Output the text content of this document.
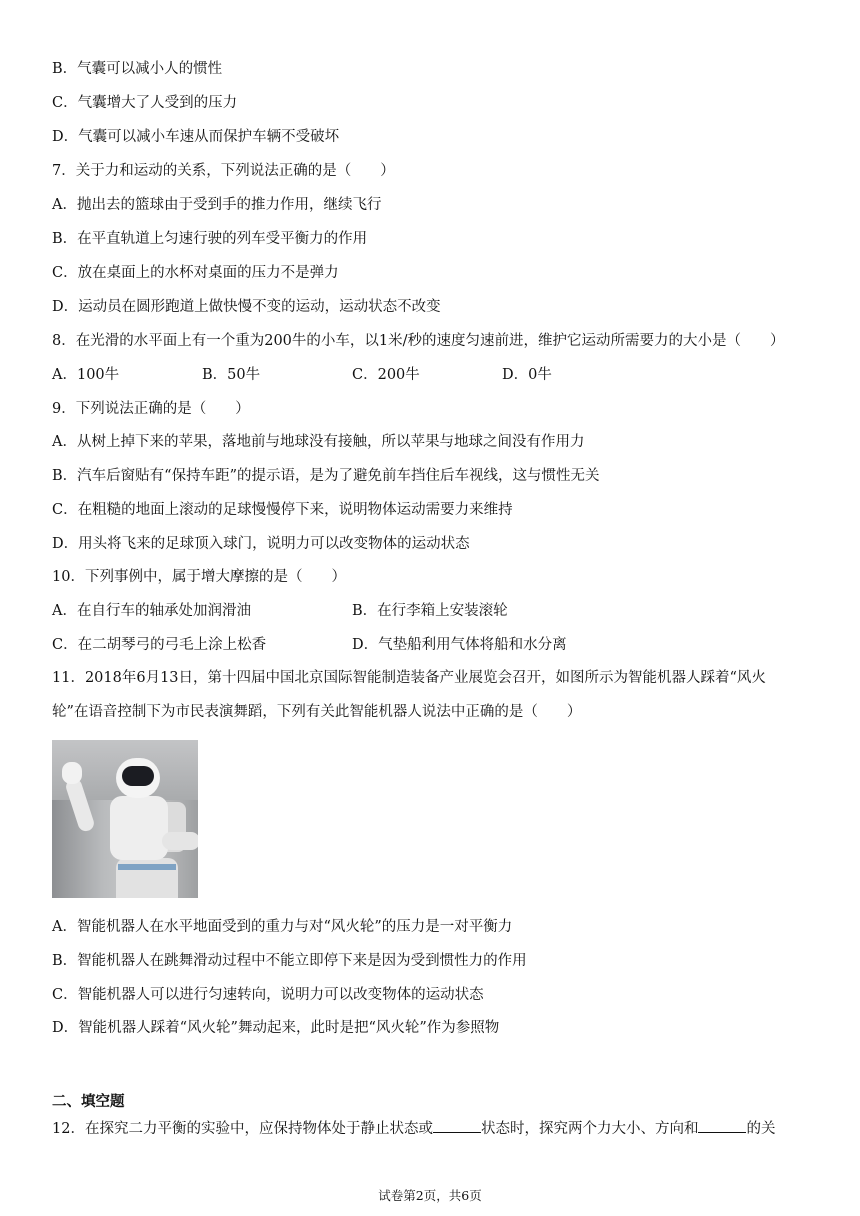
B．气囊可以减小人的惯性
C．气囊增大了人受到的压力
D．气囊可以减小车速从而保护车辆不受破坏
7．关于力和运动的关系，下列说法正确的是（　　）
A．抛出去的篮球由于受到手的推力作用，继续飞行
B．在平直轨道上匀速行驶的列车受平衡力的作用
C．放在桌面上的水杯对桌面的压力不是弹力
D．运动员在圆形跑道上做快慢不变的运动，运动状态不改变
8．在光滑的水平面上有一个重为200牛的小车，以1米/秒的速度匀速前进，维护它运动所需要力的大小是（　　）
A．100牛	B．50牛	C．200牛	D．0牛
9．下列说法正确的是（　　）
A．从树上掉下来的苹果，落地前与地球没有接触，所以苹果与地球之间没有作用力
B．汽车后窗贴有“保持车距”的提示语，是为了避免前车挡住后车视线，这与惯性无关
C．在粗糙的地面上滚动的足球慢慢停下来，说明物体运动需要力来维持
D．用头将飞来的足球顶入球门，说明力可以改变物体的运动状态
10．下列事例中，属于增大摩擦的是（　　）
A．在自行车的轴承处加润滑油	B．在行李箱上安装滚轮
C．在二胡琴弓的弓毛上涂上松香	D．气垫船利用气体将船和水分离
11．2018年6月13日，第十四届中国北京国际智能制造装备产业展览会召开，如图所示为智能机器人踩着“风火
轮”在语音控制下为市民表演舞蹈，下列有关此智能机器人说法中正确的是（　　）
A．智能机器人在水平地面受到的重力与对“风火轮”的压力是一对平衡力
B．智能机器人在跳舞滑动过程中不能立即停下来是因为受到惯性力的作用
C．智能机器人可以进行匀速转向，说明力可以改变物体的运动状态
D．智能机器人踩着“风火轮”舞动起来，此时是把“风火轮”作为参照物
二、填空题
12．在探究二力平衡的实验中，应保持物体处于静止状态或	状态时，探究两个力大小、方向和	的关
试卷第2页，共6页
